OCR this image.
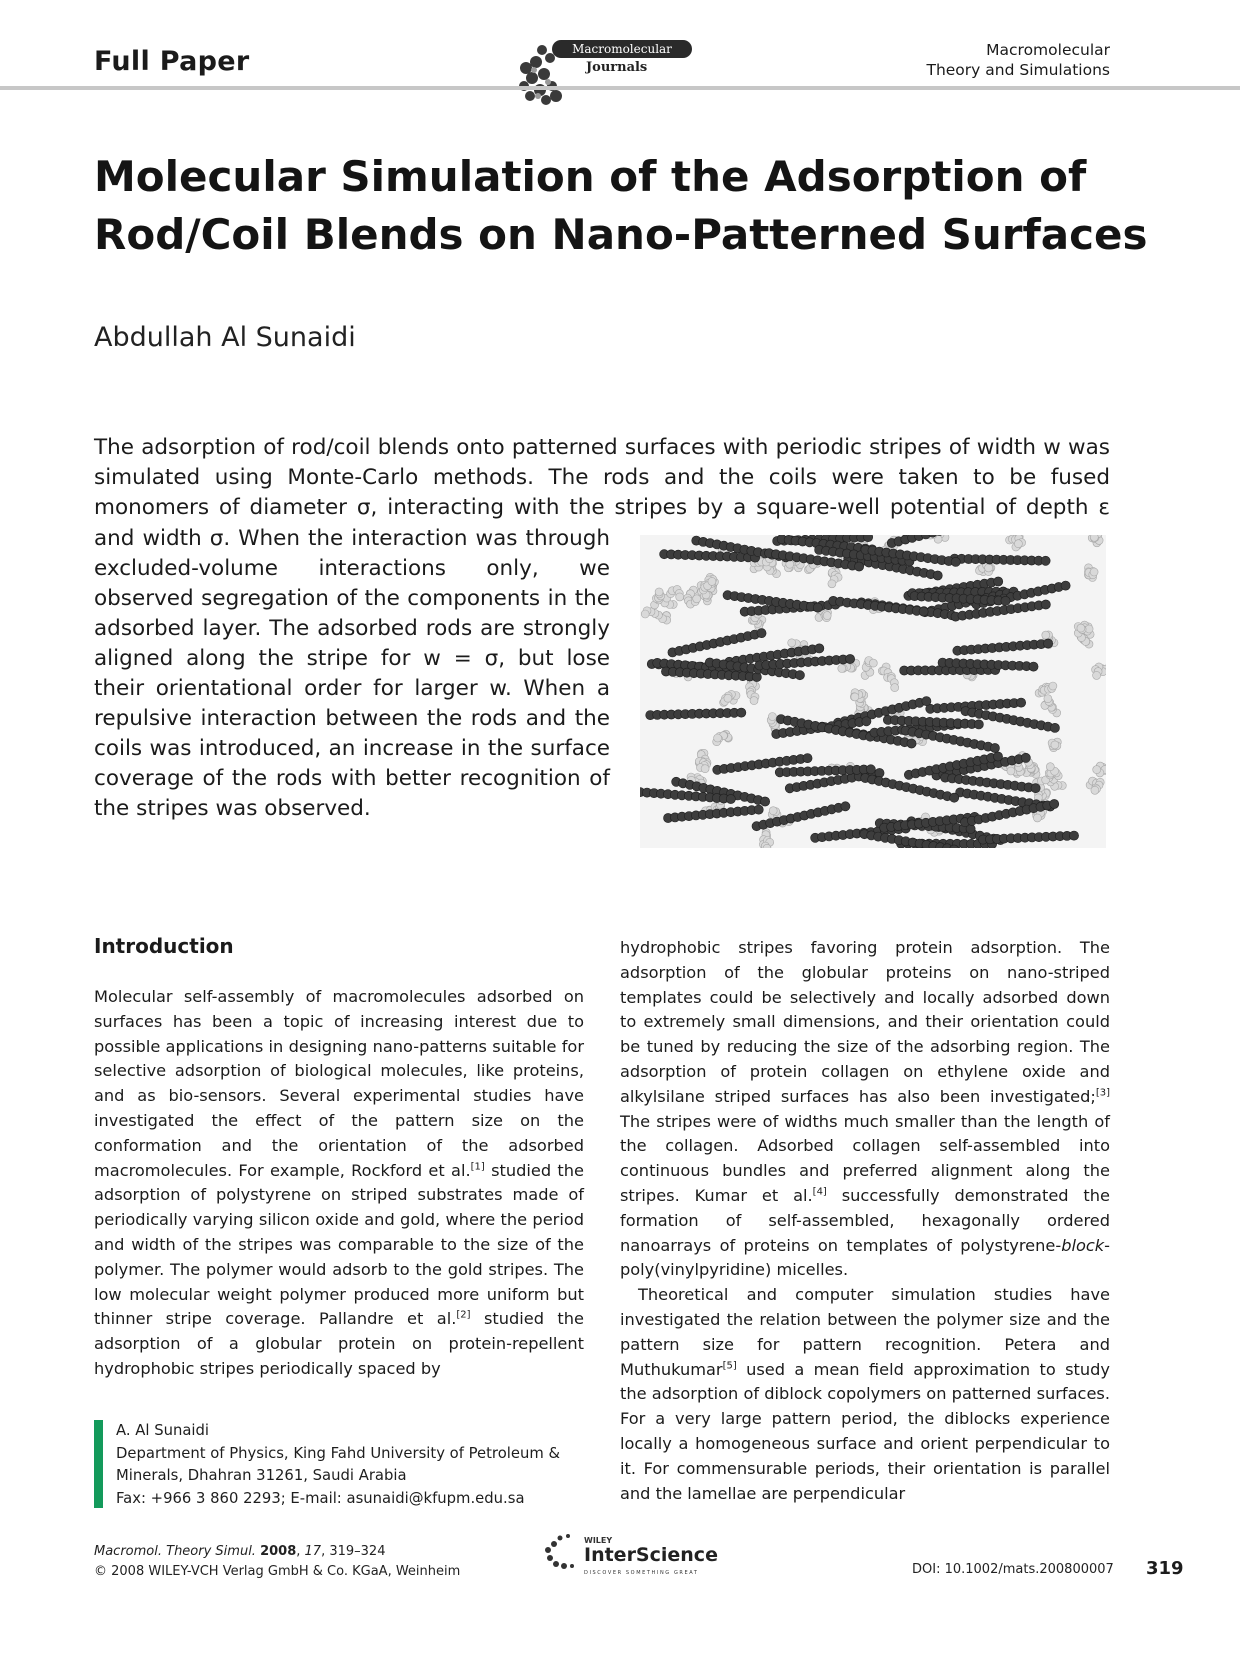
Full Paper	Macromolecular
Journals
Macromolecular
Theory and Simulations
Molecular Simulation of the Adsorption of Rod/Coil Blends on Nano-Patterned Surfaces
Abdullah Al Sunaidi

The adsorption of rod/coil blends onto patterned surfaces with periodic stripes of width w was

simulated using Monte-Carlo methods. The rods and the coils were taken to be fused

monomers of diameter σ, interacting with the stripes by a square-well potential of depth ε

and width σ. When the interaction was through excluded-volume interactions only, we observed segregation of the components in the adsorbed layer. The adsorbed rods are strongly aligned along the stripe for w = σ, but lose their orientational order for larger w. When a repulsive interaction between the rods and the coils was introduced, an increase in the surface coverage of the rods with better recognition of the stripes was observed.

Introduction

Molecular self-assembly of macromolecules adsorbed on surfaces has been a topic of increasing interest due to possible applications in designing nano-patterns suitable for selective adsorption of biological molecules, like proteins, and as bio-sensors. Several experimental studies have investigated the effect of the pattern size on the conformation and the orientation of the adsorbed macromolecules. For example, Rockford et al.[1] studied the adsorption of polystyrene on striped substrates made of periodically varying silicon oxide and gold, where the period and width of the stripes was comparable to the size of the polymer. The polymer would adsorb to the gold stripes. The low molecular weight polymer produced more uniform but thinner stripe coverage. Pallandre et al.[2] studied the adsorption of a globular protein on protein-repellent hydrophobic stripes periodically spaced by

hydrophobic stripes favoring protein adsorption. The adsorption of the globular proteins on nano-striped templates could be selectively and locally adsorbed down to extremely small dimensions, and their orientation could be tuned by reducing the size of the adsorbing region. The adsorption of protein collagen on ethylene oxide and alkylsilane striped surfaces has also been investigated;[3] The stripes were of widths much smaller than the length of the collagen. Adsorbed collagen self-assembled into continuous bundles and preferred alignment along the stripes. Kumar et al.[4] successfully demonstrated the formation of self-assembled, hexagonally ordered nanoarrays of proteins on templates of polystyrene-block-poly(vinylpyridine) micelles.

Theoretical and computer simulation studies have investigated the relation between the polymer size and the pattern size for pattern recognition. Petera and Muthukumar[5] used a mean field approximation to study the adsorption of diblock copolymers on patterned surfaces. For a very large pattern period, the diblocks experience locally a homogeneous surface and orient perpendicular to it. For commensurable periods, their orientation is parallel and the lamellae are perpendicular

A. Al Sunaidi
Department of Physics, King Fahd University of Petroleum &
Minerals, Dhahran 31261, Saudi Arabia
Fax: +966 3 860 2293; E-mail: asunaidi@kfupm.edu.sa
Macromol. Theory Simul. 2008, 17, 319–324
© 2008 WILEY-VCH Verlag GmbH & Co. KGaA, Weinheim
WILEY
InterScience
DISCOVER SOMETHING GREAT	DOI: 10.1002/mats.200800007 319
